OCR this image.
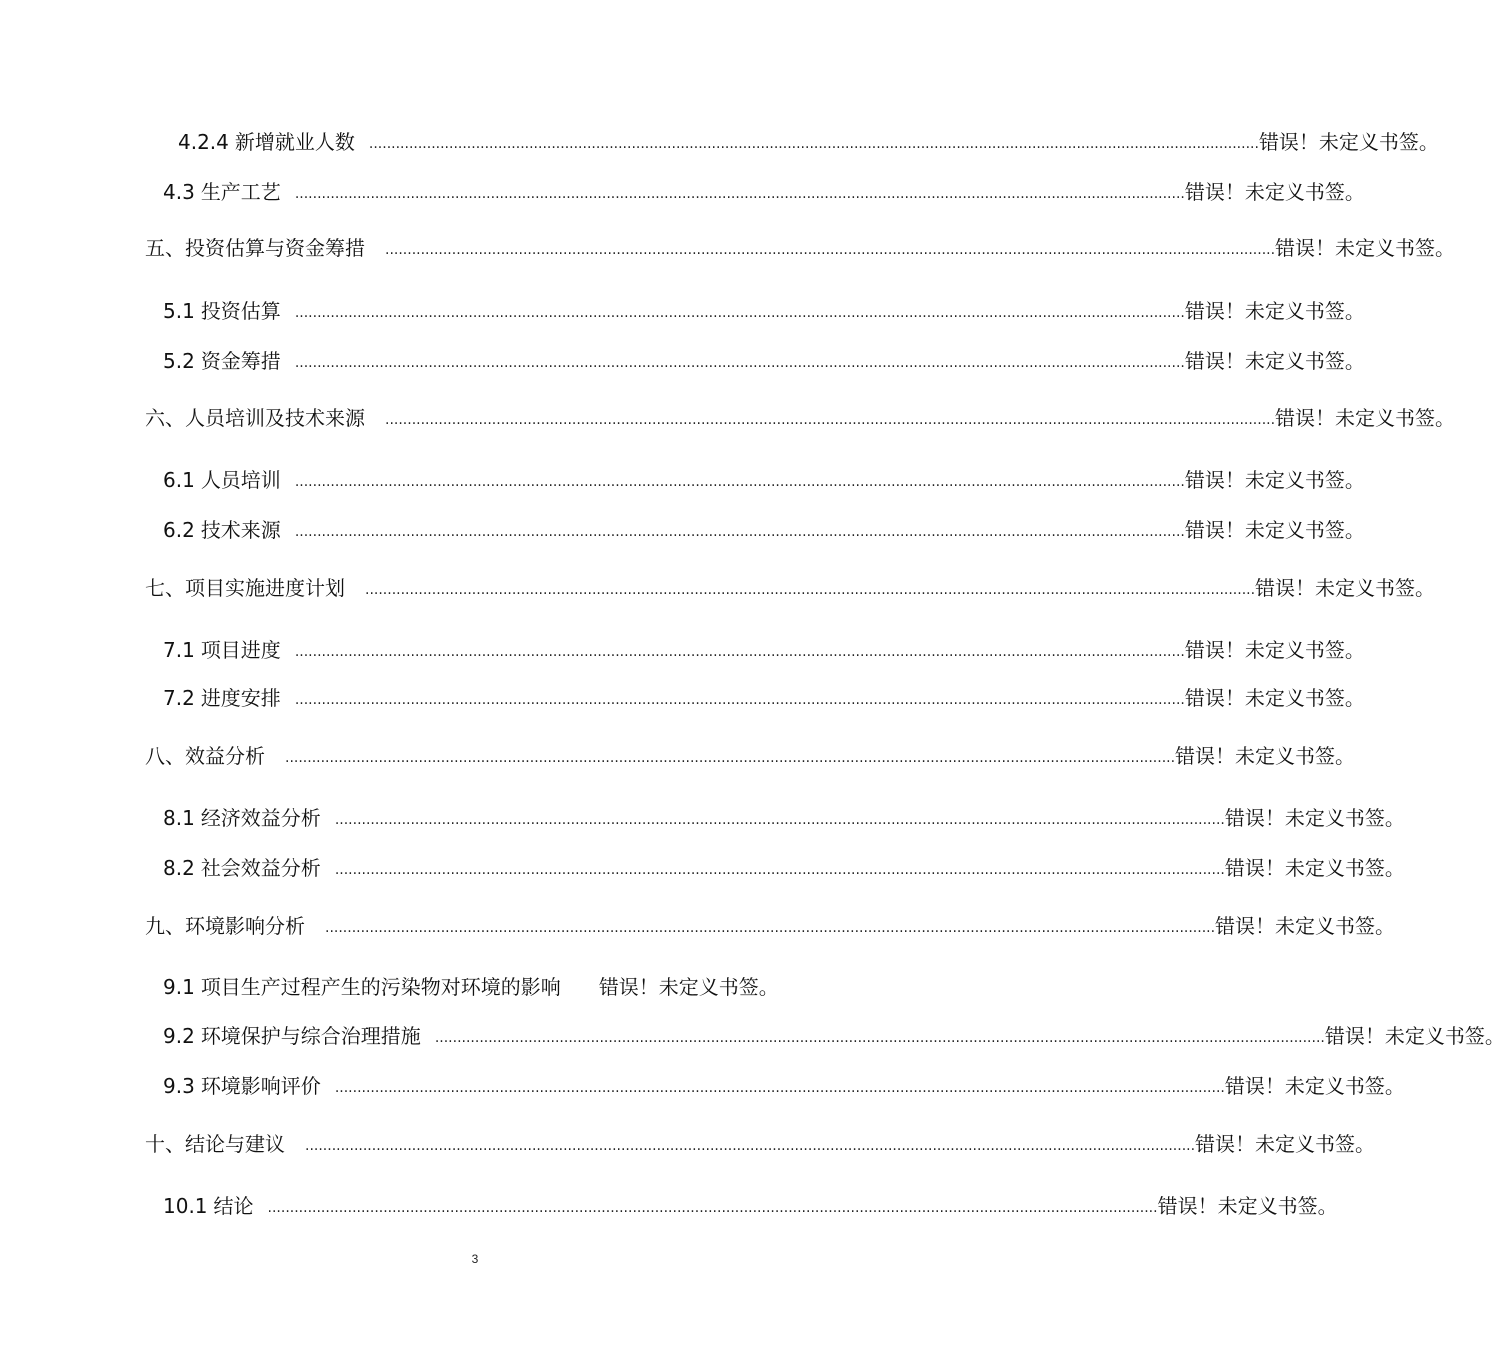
4.2.4 新增就业人数	........................................................................................................................................................................................................ 错误！未定义书签。
4.3 生产工艺	........................................................................................................................................................................................................ 错误！未定义书签。
五、投资估算与资金筹措	........................................................................................................................................................................................................ 错误！未定义书签。
5.1 投资估算	........................................................................................................................................................................................................ 错误！未定义书签。
5.2 资金筹措	........................................................................................................................................................................................................ 错误！未定义书签。
六、人员培训及技术来源	........................................................................................................................................................................................................ 错误！未定义书签。
6.1 人员培训	........................................................................................................................................................................................................ 错误！未定义书签。
6.2 技术来源	........................................................................................................................................................................................................ 错误！未定义书签。
七、项目实施进度计划	........................................................................................................................................................................................................ 错误！未定义书签。
7.1 项目进度	........................................................................................................................................................................................................ 错误！未定义书签。
7.2 进度安排	........................................................................................................................................................................................................ 错误！未定义书签。
八、效益分析	........................................................................................................................................................................................................ 错误！未定义书签。
8.1 经济效益分析	........................................................................................................................................................................................................ 错误！未定义书签。
8.2 社会效益分析	........................................................................................................................................................................................................ 错误！未定义书签。
九、环境影响分析	........................................................................................................................................................................................................ 错误！未定义书签。
9.1 项目生产过程产生的污染物对环境的影响	错误！未定义书签。
9.2 环境保护与综合治理措施	........................................................................................................................................................................................................ 错误！未定义书签。
9.3 环境影响评价	........................................................................................................................................................................................................ 错误！未定义书签。
十、结论与建议	........................................................................................................................................................................................................ 错误！未定义书签。
10.1 结论	........................................................................................................................................................................................................ 错误！未定义书签。
3
